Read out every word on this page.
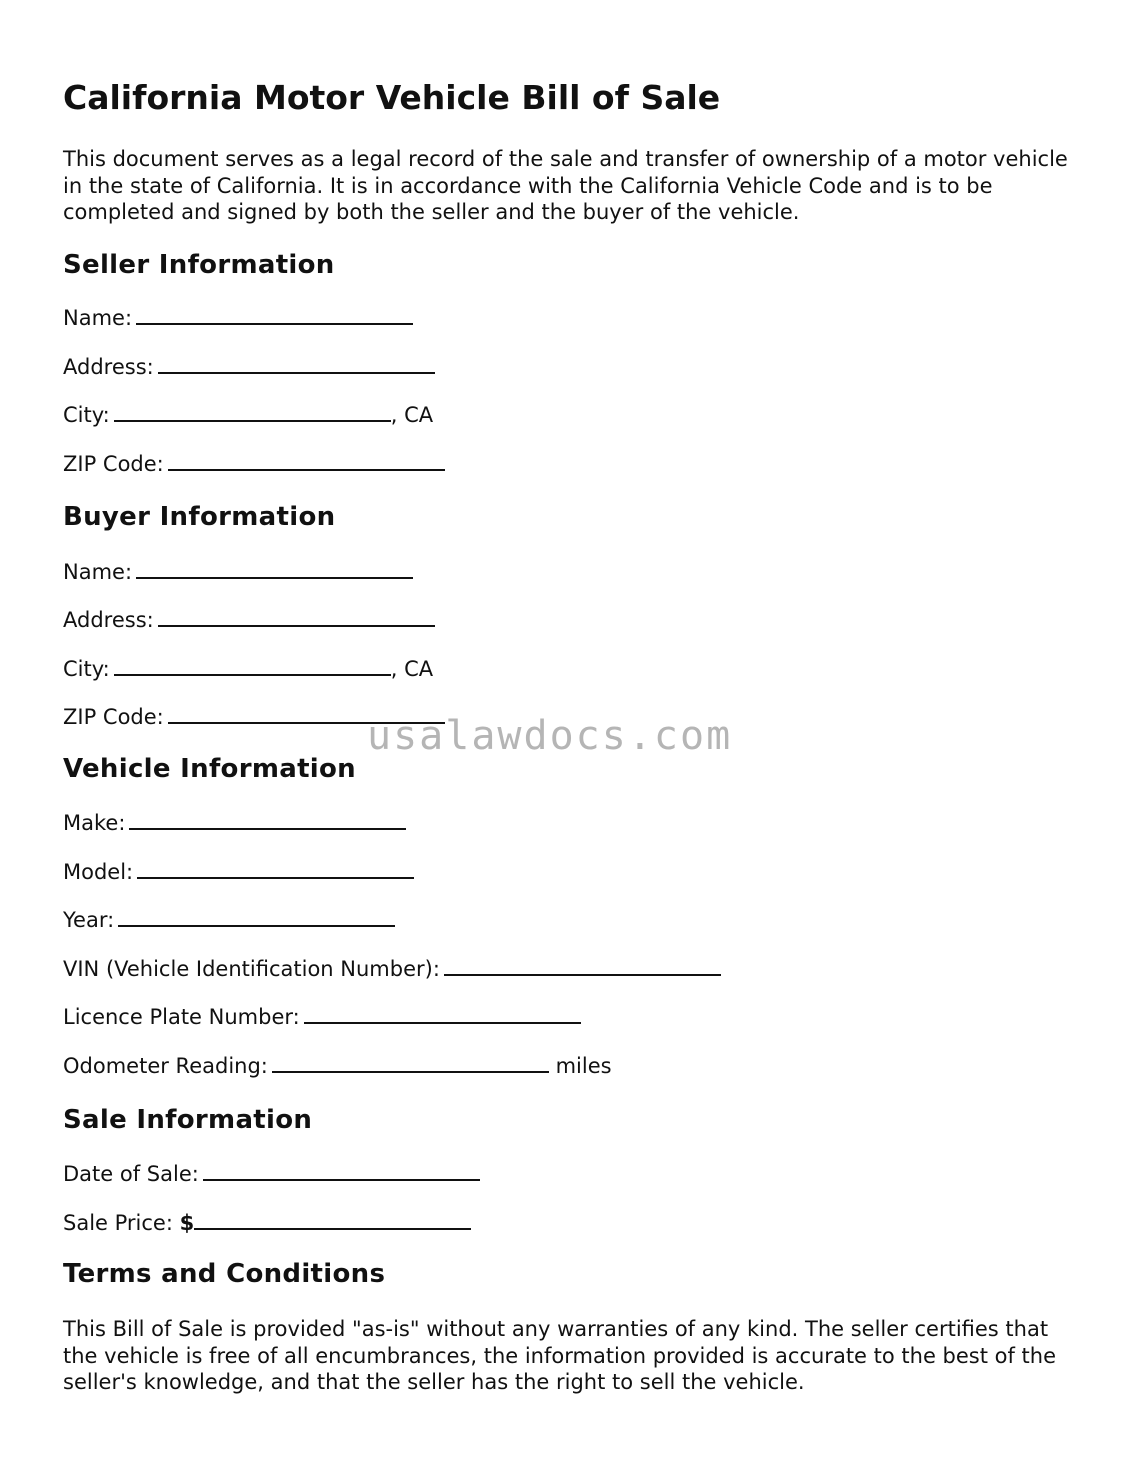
California Motor Vehicle Bill of Sale

This document serves as a legal record of the sale and transfer of ownership of a motor vehicle in the state of California. It is in accordance with the California Vehicle Code and is to be completed and signed by both the seller and the buyer of the vehicle.

Seller Information
Name:
Address:
City:	, CA
ZIP Code:
Buyer Information
Name:
Address:
City:	, CA
ZIP Code:
Vehicle Information
Make:
Model:
Year:
VIN (Vehicle Identification Number):
Licence Plate Number:
Odometer Reading:	miles
Sale Information
Date of Sale:
Sale Price: $
Terms and Conditions

This Bill of Sale is provided "as-is" without any warranties of any kind. The seller certifies that the vehicle is free of all encumbrances, the information provided is accurate to the best of the seller's knowledge, and that the seller has the right to sell the vehicle.

usalawdocs.com
